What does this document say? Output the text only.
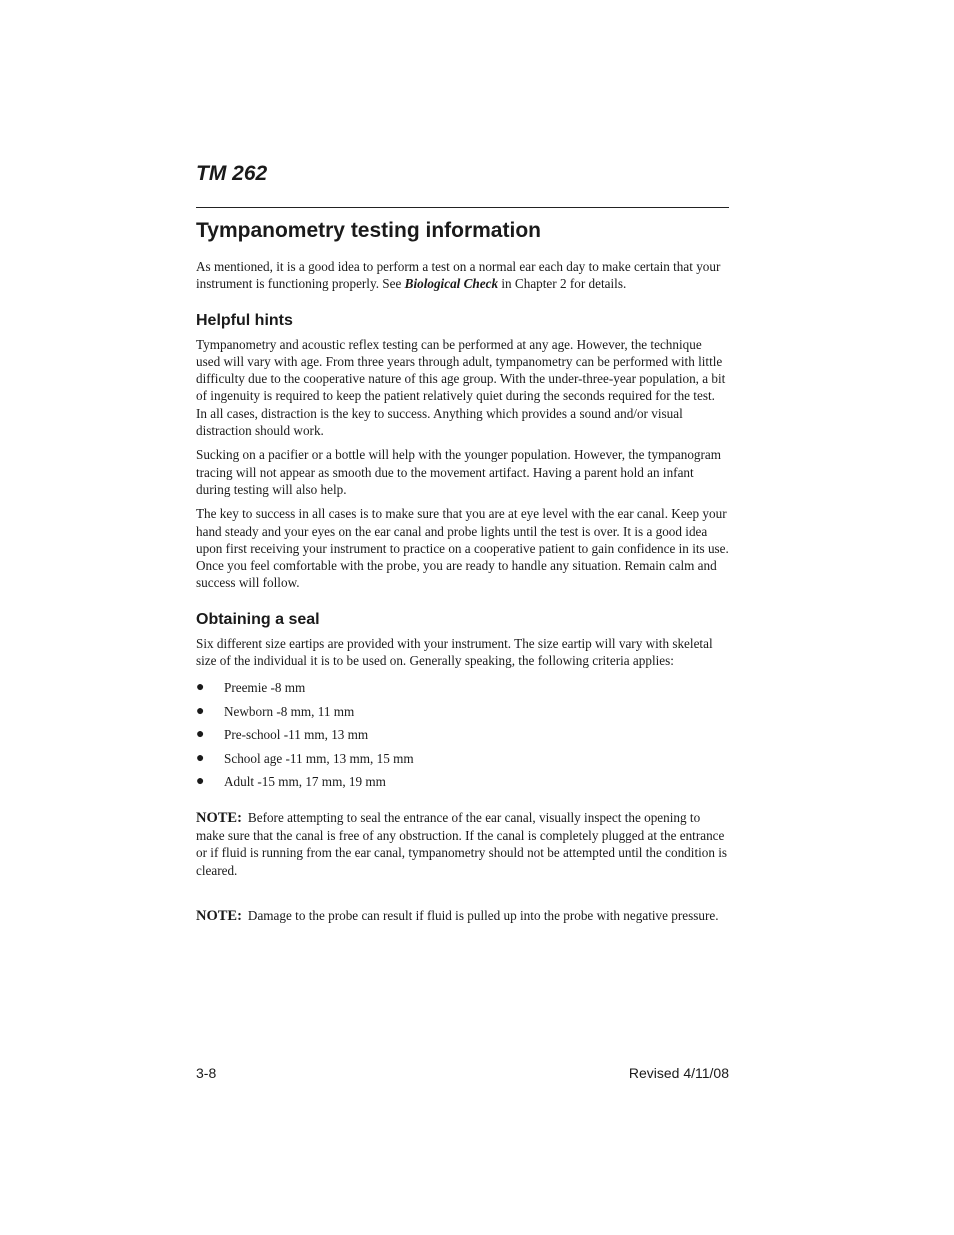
TM 262
Tympanometry testing information

As mentioned, it is a good idea to perform a test on a normal ear each day to make certain that your instrument is functioning properly. See Biological Check in Chapter 2 for details.

Helpful hints

Tympanometry and acoustic reflex testing can be performed at any age. However, the technique used will vary with age. From three years through adult, tympanometry can be performed with little difficulty due to the cooperative nature of this age group. With the under-three-year population, a bit of ingenuity is required to keep the patient relatively quiet during the seconds required for the test. In all cases, distraction is the key to success. Anything which provides a sound and/or visual distraction should work.

Sucking on a pacifier or a bottle will help with the younger population. However, the tympanogram tracing will not appear as smooth due to the movement artifact. Having a parent hold an infant during testing will also help.

The key to success in all cases is to make sure that you are at eye level with the ear canal. Keep your hand steady and your eyes on the ear canal and probe lights until the test is over. It is a good idea upon first receiving your instrument to practice on a cooperative patient to gain confidence in its use. Once you feel comfortable with the probe, you are ready to handle any situation. Remain calm and success will follow.

Obtaining a seal

Six different size eartips are provided with your instrument. The size eartip will vary with skeletal size of the individual it is to be used on. Generally speaking, the following criteria applies:

● Preemie -8 mm
● Newborn -8 mm, 11 mm
● Pre-school -11 mm, 13 mm
● School age -11 mm, 13 mm, 15 mm
● Adult -15 mm, 17 mm, 19 mm

NOTE: Before attempting to seal the entrance of the ear canal, visually inspect the opening to make sure that the canal is free of any obstruction. If the canal is completely plugged at the entrance or if fluid is running from the ear canal, tympanometry should not be attempted until the condition is cleared.

NOTE: Damage to the probe can result if fluid is pulled up into the probe with negative pressure.

3-8	Revised 4/11/08
